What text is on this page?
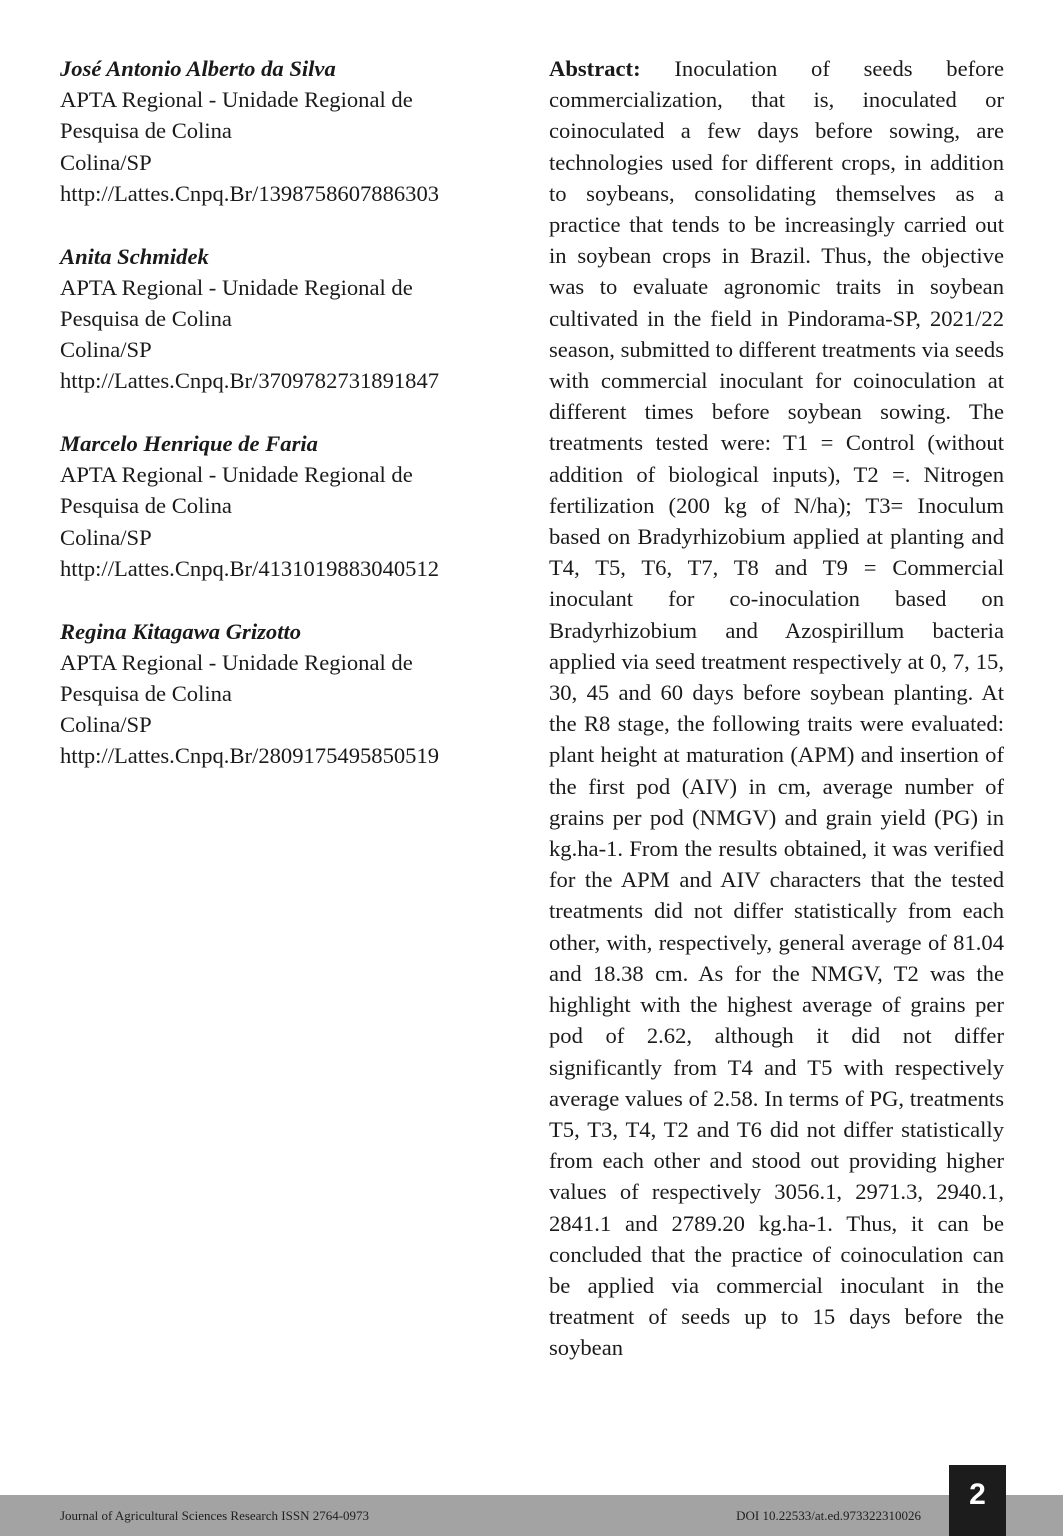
José Antonio Alberto da Silva
APTA Regional - Unidade Regional de
Pesquisa de Colina
Colina/SP
http://Lattes.Cnpq.Br/1398758607886303
Anita Schmidek
APTA Regional - Unidade Regional de
Pesquisa de Colina
Colina/SP
http://Lattes.Cnpq.Br/3709782731891847
Marcelo Henrique de Faria
APTA Regional - Unidade Regional de
Pesquisa de Colina
Colina/SP
http://Lattes.Cnpq.Br/4131019883040512
Regina Kitagawa Grizotto
APTA Regional - Unidade Regional de
Pesquisa de Colina
Colina/SP
http://Lattes.Cnpq.Br/2809175495850519
Abstract: Inoculation of seeds before commercialization, that is, inoculated or coinoculated a few days before sowing, are technologies used for different crops, in addition to soybeans, consolidating themselves as a practice that tends to be increasingly carried out in soybean crops in Brazil. Thus, the objective was to evaluate agronomic traits in soybean cultivated in the field in Pindorama-SP, 2021/22 season, submitted to different treatments via seeds with commercial inoculant for coinoculation at different times before soybean sowing. The treatments tested were: T1 = Control (without addition of biological inputs), T2 =. Nitrogen fertilization (200 kg of N/ha); T3= Inoculum based on Bradyrhizobium applied at planting and T4, T5, T6, T7, T8 and T9 = Commercial inoculant for co-inoculation based on Bradyrhizobium and Azospirillum bacteria applied via seed treatment respectively at 0, 7, 15, 30, 45 and 60 days before soybean planting. At the R8 stage, the following traits were evaluated: plant height at maturation (APM) and insertion of the first pod (AIV) in cm, average number of grains per pod (NMGV) and grain yield (PG) in kg.ha-1. From the results obtained, it was verified for the APM and AIV characters that the tested treatments did not differ statistically from each other, with, respectively, general average of 81.04 and 18.38 cm. As for the NMGV, T2 was the highlight with the highest average of grains per pod of 2.62, although it did not differ significantly from T4 and T5 with respectively average values of 2.58. In terms of PG, treatments T5, T3, T4, T2 and T6 did not differ statistically from each other and stood out providing higher values of respectively 3056.1, 2971.3, 2940.1, 2841.1 and 2789.20 kg.ha-1. Thus, it can be concluded that the practice of coinoculation can be applied via commercial inoculant in the treatment of seeds up to 15 days before the soybean
Journal of Agricultural Sciences Research ISSN 2764-0973	DOI 10.22533/at.ed.973322310026
2
